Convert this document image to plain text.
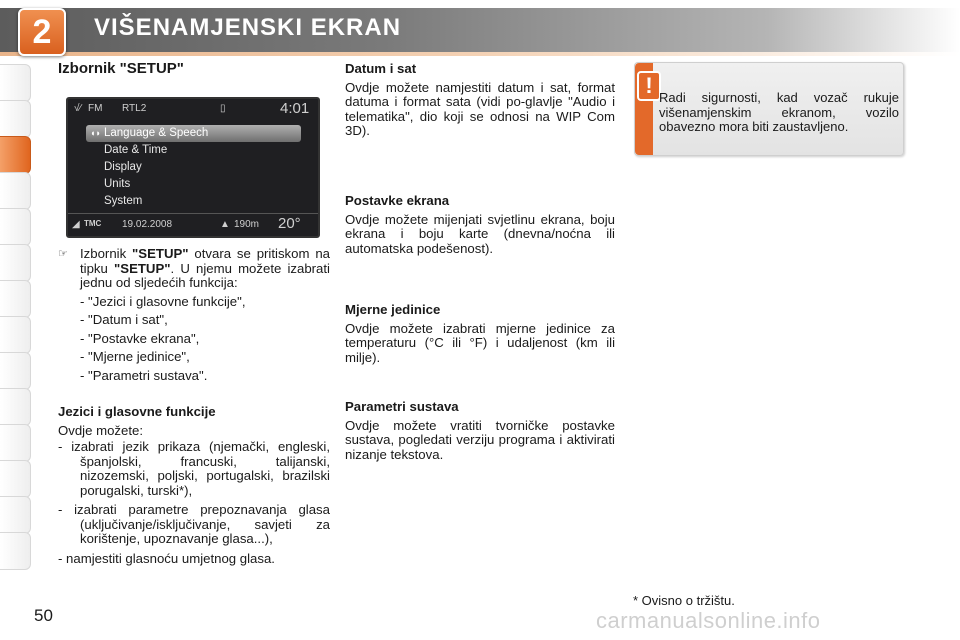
2	VIŠENAMJENSKI EKRAN
Izbornik "SETUP"
√∕ FM RTL2	▯	4:01
◖◗ Language & Speech
Date & Time
Display
Units
System
◢ TMC 19.02.2008	▲ 190m 20°
☞ Izbornik "SETUP" otvara se pritiskom na tipku "SETUP". U njemu možete izabrati jednu od sljedećih funkcija:

- "Jezici i glasovne funkcije",
- "Datum i sat",
- "Postavke ekrana",
- "Mjerne jedinice",
- "Parametri sustava".
Jezici i glasovne funkcije

Ovdje možete:

- izabrati jezik prikaza (njemački, engleski, španjolski, francuski, talijanski, nizozemski, poljski, portugalski, brazilski porugalski, turski*),
- izabrati parametre prepoznavanja glasa (uključivanje/isključivanje, savjeti za korištenje, upoznavanje glasa...),
- namjestiti glasnoću umjetnog glasa.
Datum i sat

Ovdje možete namjestiti datum i sat, format datuma i format sata (vidi po-glavlje "Audio i telematika", dio koji se odnosi na WIP Com 3D).

Postavke ekrana

Ovdje možete mijenjati svjetlinu ekrana, boju ekrana i boju karte (dnevna/noćna ili automatska podešenost).

Mjerne jedinice

Ovdje možete izabrati mjerne jedinice za temperaturu (°C ili °F) i udaljenost (km ili milje).

Parametri sustava

Ovdje možete vratiti tvorničke postavke sustava, pogledati verziju programa i aktivirati nizanje tekstova.

! Radi sigurnosti, kad vozač rukuje višenamjenskim ekranom, vozilo obavezno mora biti zaustavljeno.
* Ovisno o tržištu.
50	carmanualsonline.info
